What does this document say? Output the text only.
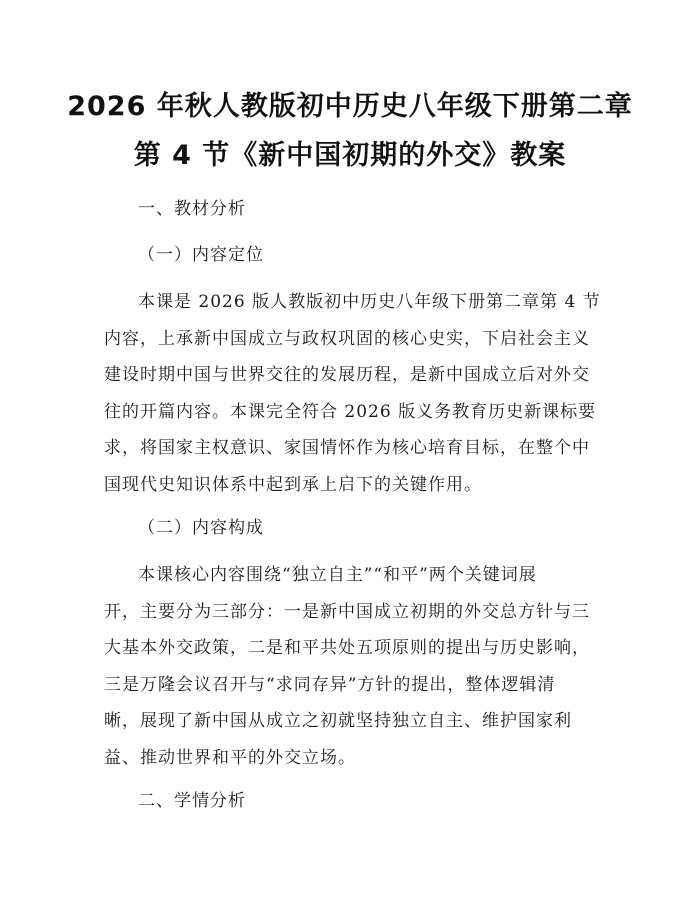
2026 年秋人教版初中历史八年级下册第二章
第 4 节《新中国初期的外交》教案
一、教材分析
（一）内容定位
本课是 2026 版人教版初中历史八年级下册第二章第 4 节
内容，上承新中国成立与政权巩固的核心史实，下启社会主义
建设时期中国与世界交往的发展历程，是新中国成立后对外交
往的开篇内容。本课完全符合 2026 版义务教育历史新课标要
求，将国家主权意识、家国情怀作为核心培育目标，在整个中
国现代史知识体系中起到承上启下的关键作用。
（二）内容构成
本课核心内容围绕“独立自主”“和平”两个关键词展
开，主要分为三部分：一是新中国成立初期的外交总方针与三
大基本外交政策，二是和平共处五项原则的提出与历史影响，
三是万隆会议召开与“求同存异”方针的提出，整体逻辑清
晰，展现了新中国从成立之初就坚持独立自主、维护国家利
益、推动世界和平的外交立场。
二、学情分析
